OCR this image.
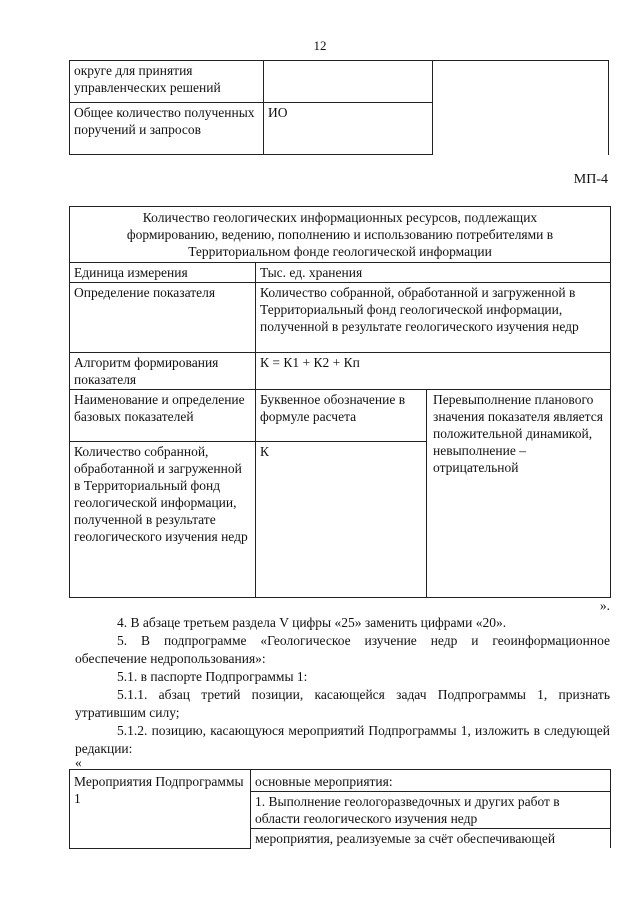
12
округе для принятия управленческих решений		
Общее количество полученных поручений и запросов	ИО	
МП-4
Количество геологических информационных ресурсов, подлежащих формированию, ведению, пополнению и использованию потребителями в Территориальном фонде геологической информации		
Единица измерения	Тыс. ед. хранения	
Определение показателя	Количество собранной, обработанной и загруженной в Территориальный фонд геологической информации, полученной в результате геологического изучения недр	
Алгоритм формирования показателя	К = К1 + К2 + Кп	
Наименование и определение базовых показателей	Буквенное обозначение в формуле расчета	Перевыполнение планового значения показателя является положительной динамикой, невыполнение – отрицательной
Количество собранной, обработанной и загруженной в Территориальный фонд геологической информации, полученной в результате геологического изучения недр	К	
».
4. В абзаце третьем раздела V цифры «25» заменить цифрами «20».
5. В подпрограмме «Геологическое изучение недр и геоинформационное обеспечение недропользования»:
5.1. в паспорте Подпрограммы 1:
5.1.1. абзац третий позиции, касающейся задач Подпрограммы 1, признать утратившим силу;
5.1.2. позицию, касающуюся мероприятий Подпрограммы 1, изложить в следующей редакции:
«
Мероприятия Подпрограммы 1	основные мероприятия:
1. Выполнение геологоразведочных и других работ в области геологического изучения недр
мероприятия, реализуемые за счёт обеспечивающей
